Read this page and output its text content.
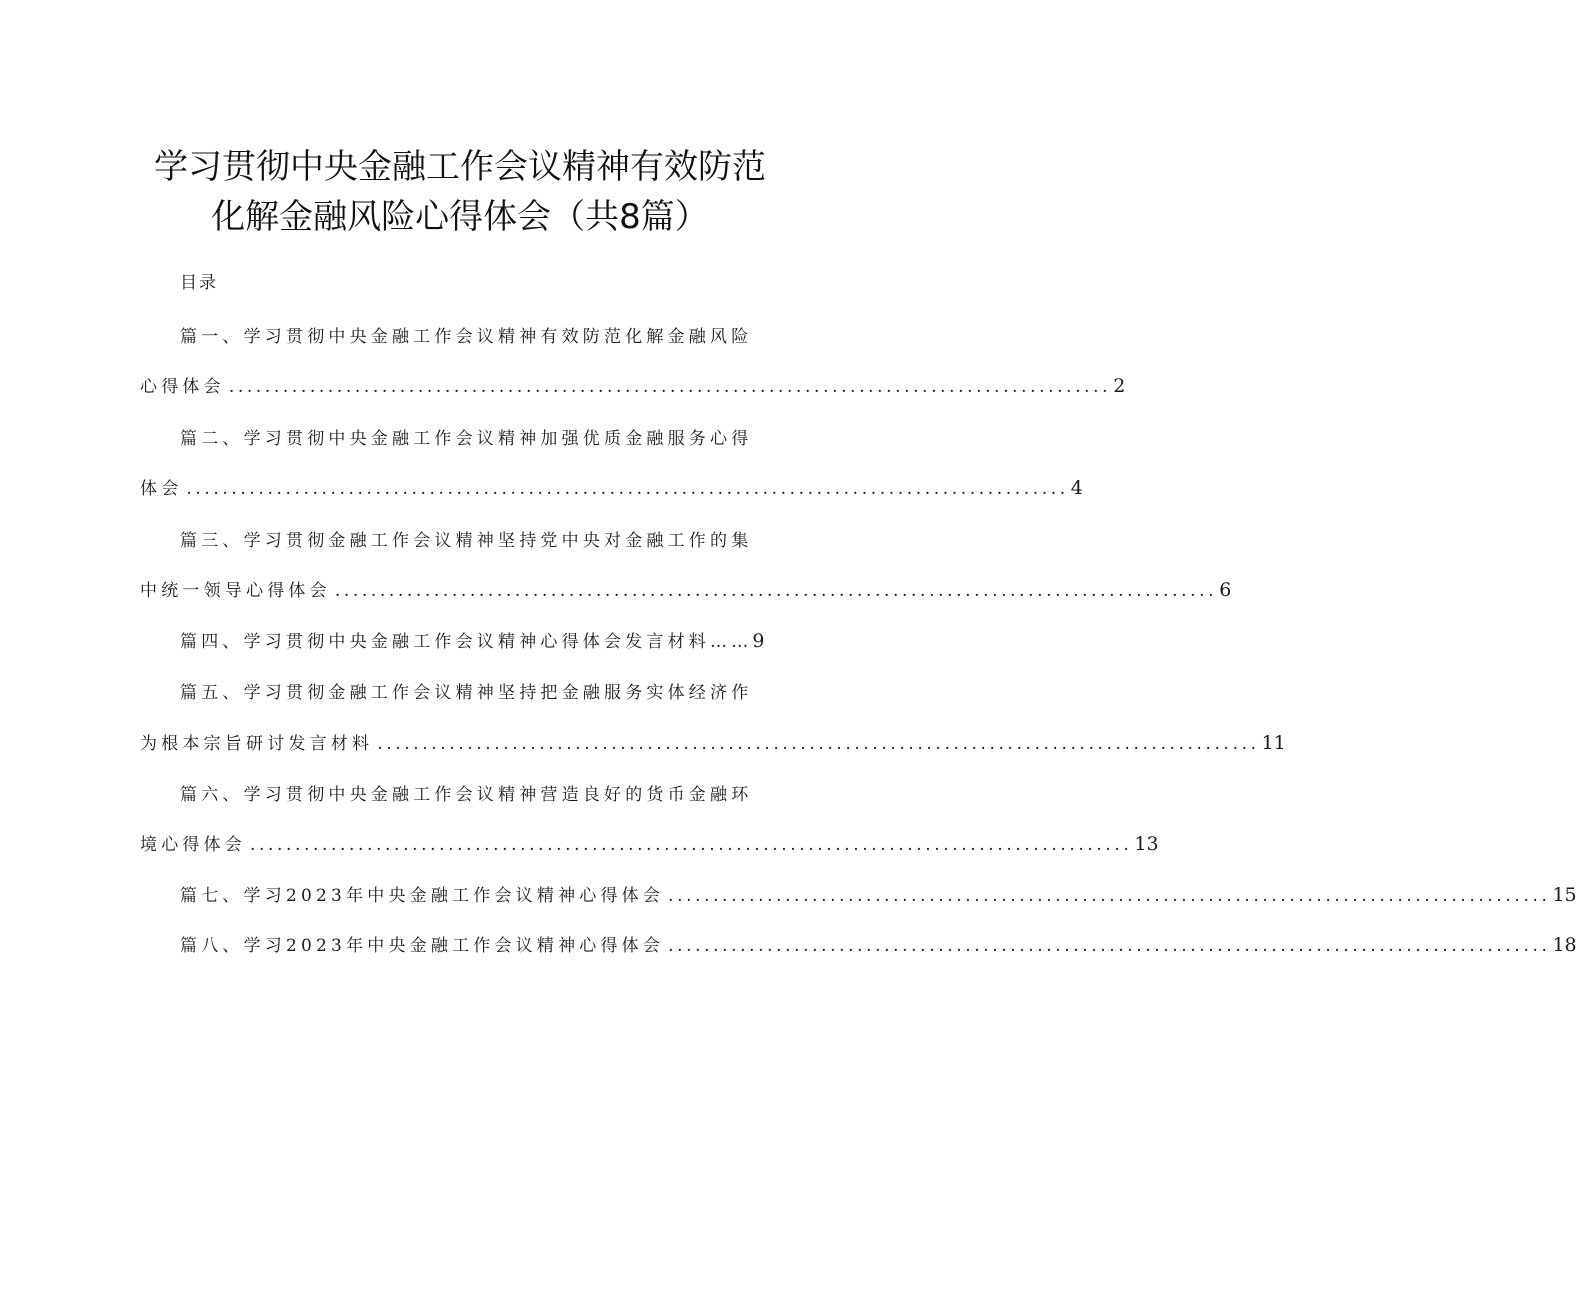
学习贯彻中央金融工作会议精神有效防范
化解金融风险心得体会（共8篇）
目录
篇一、学习贯彻中央金融工作会议精神有效防范化解金融风险
心得体会 .................................................................................................. 2
篇二、学习贯彻中央金融工作会议精神加强优质金融服务心得
体会 .................................................................................................. 4
篇三、学习贯彻金融工作会议精神坚持党中央对金融工作的集
中统一领导心得体会 .................................................................................................. 6
篇四、学习贯彻中央金融工作会议精神心得体会发言材料…… 9
篇五、学习贯彻金融工作会议精神坚持把金融服务实体经济作
为根本宗旨研讨发言材料 .................................................................................................. 11
篇六、学习贯彻中央金融工作会议精神营造良好的货币金融环
境心得体会 .................................................................................................. 13
篇七、学习2023年中央金融工作会议精神心得体会 .................................................................................................. 15
篇八、学习2023年中央金融工作会议精神心得体会 .................................................................................................. 18
